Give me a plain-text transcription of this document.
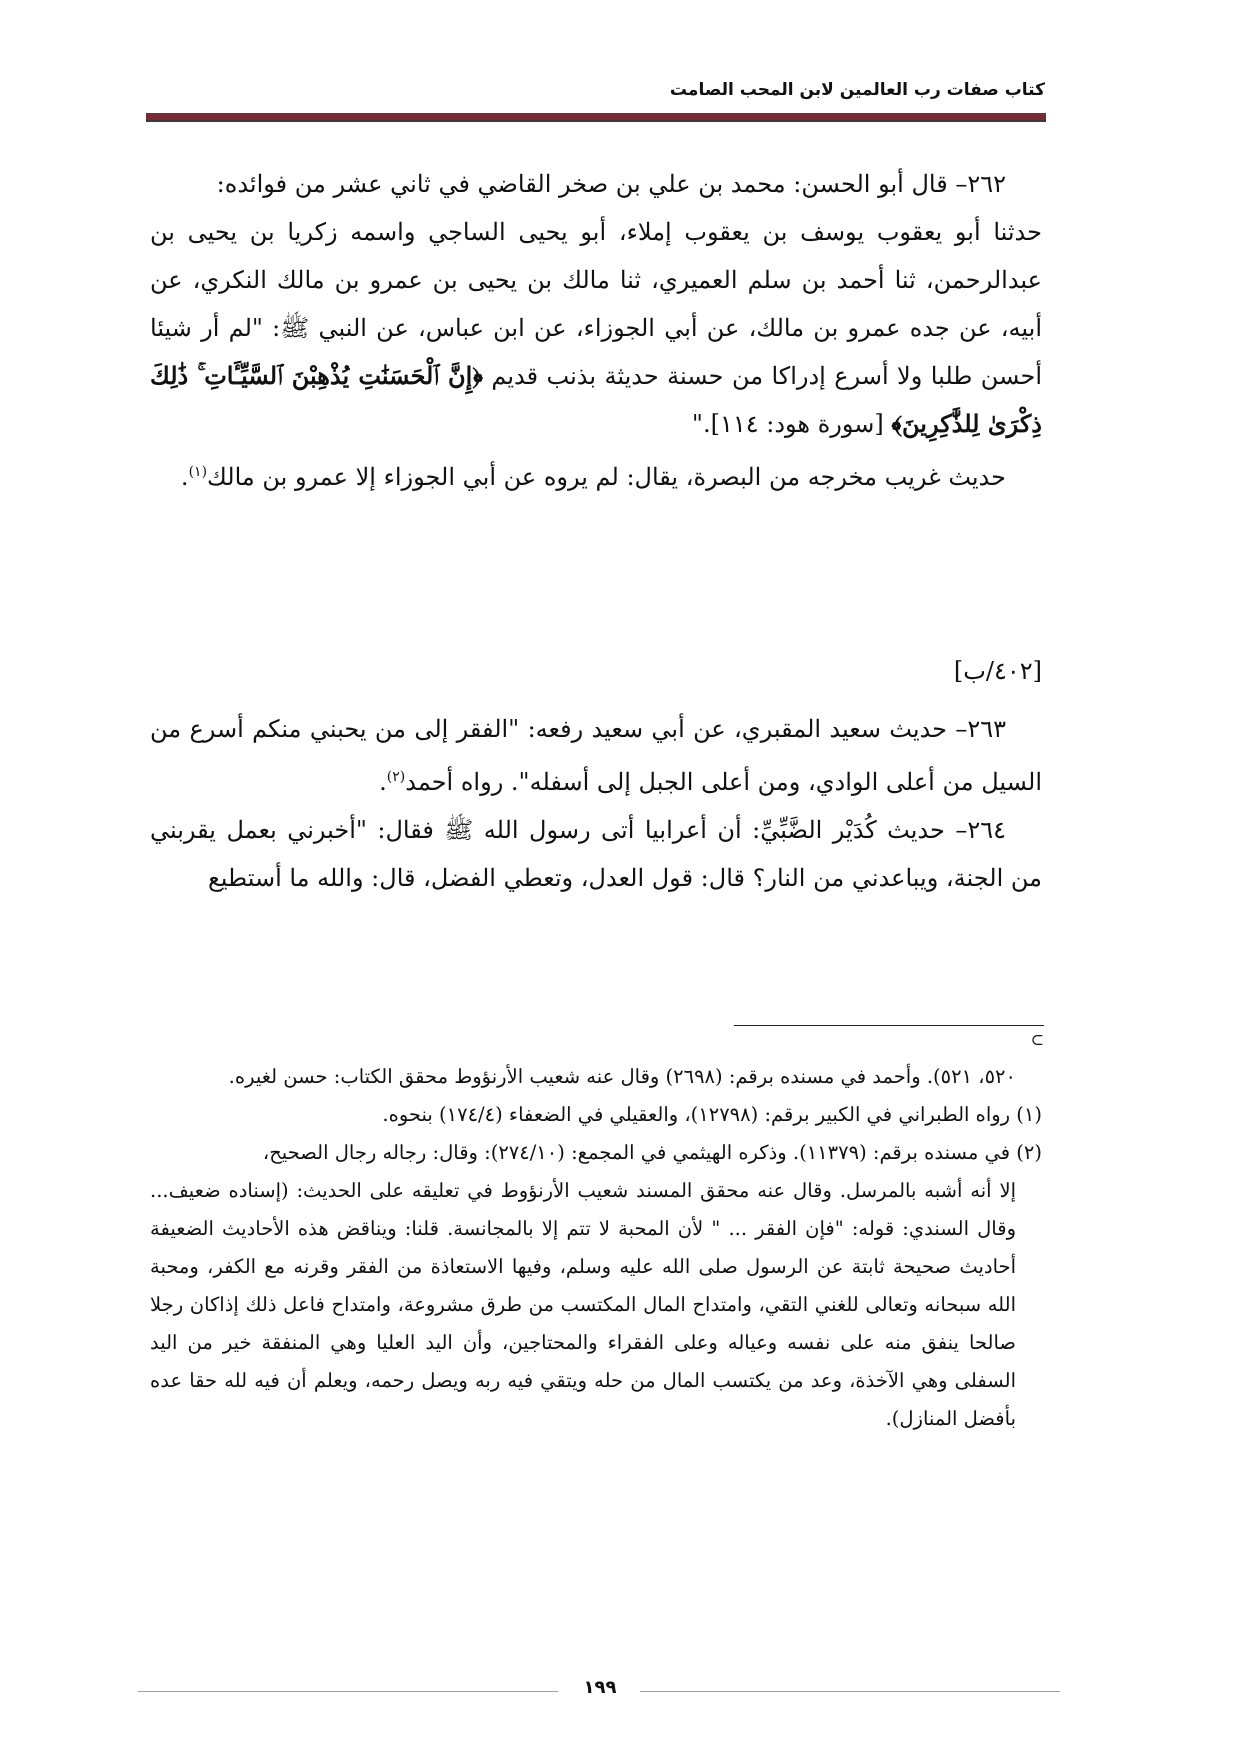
كتاب صفات رب العالمين لابن المحب الصامت

٢٦٢– قال أبو الحسن: محمد بن علي بن صخر القاضي في ثاني عشر من فوائده:

حدثنا أبو يعقوب يوسف بن يعقوب إملاء، أبو يحيى الساجي واسمه زكريا بن يحيى بن عبدالرحمن، ثنا أحمد بن سلم العميري، ثنا مالك بن يحيى بن عمرو بن مالك النكري، عن أبيه، عن جده عمرو بن مالك، عن أبي الجوزاء، عن ابن عباس، عن النبي ﷺ: "لم أر شيئا أحسن طلبا ولا أسرع إدراكا من حسنة حديثة بذنب قديم ﴿إِنَّ ٱلْحَسَنَٰتِ يُذْهِبْنَ ٱلسَّيِّـَٔاتِ ۚ ذَٰلِكَ ذِكْرَىٰ لِلذَّٰكِرِينَ﴾ [سورة هود: ١١٤]."

حديث غريب مخرجه من البصرة، يقال: لم يروه عن أبي الجوزاء إلا عمرو بن مالك$^{(١)}$.

[٤٠٢/ب]

٢٦٣– حديث سعيد المقبري، عن أبي سعيد رفعه: "الفقر إلى من يحبني منكم أسرع من السيل من أعلى الوادي، ومن أعلى الجبل إلى أسفله". رواه أحمد$^{(٢)}$.

٢٦٤– حديث كُدَيْر الضَّبِّيِّ: أن أعرابيا أتى رسول الله ﷺ فقال: "أخبرني بعمل يقربني من الجنة، ويباعدني من النار؟ قال: قول العدل، وتعطي الفضل، قال: والله ما أستطيع

⊂

٥٢٠، ٥٢١). وأحمد في مسنده برقم: (٢٦٩٨) وقال عنه شعيب الأرنؤوط محقق الكتاب: حسن لغيره.

(١) رواه الطبراني في الكبير برقم: (١٢٧٩٨)، والعقيلي في الضعفاء (١٧٤/٤) بنحوه.

(٢) في مسنده برقم: (١١٣٧٩). وذكره الهيثمي في المجمع: (٢٧٤/١٠): وقال: رجاله رجال الصحيح،

إلا أنه أشبه بالمرسل. وقال عنه محقق المسند شعيب الأرنؤوط في تعليقه على الحديث: (إسناده ضعيف... وقال السندي: قوله: "فإن الفقر ... " لأن المحبة لا تتم إلا بالمجانسة. قلنا: ويناقض هذه الأحاديث الضعيفة أحاديث صحيحة ثابتة عن الرسول صلى الله عليه وسلم، وفيها الاستعاذة من الفقر وقرنه مع الكفر، ومحبة الله سبحانه وتعالى للغني التقي، وامتداح المال المكتسب من طرق مشروعة، وامتداح فاعل ذلك إذاكان رجلا صالحا ينفق منه على نفسه وعياله وعلى الفقراء والمحتاجين، وأن اليد العليا وهي المنفقة خير من اليد السفلى وهي الآخذة، وعد من يكتسب المال من حله ويتقي فيه ربه ويصل رحمه، ويعلم أن فيه لله حقا عده بأفضل المنازل).

١٩٩
